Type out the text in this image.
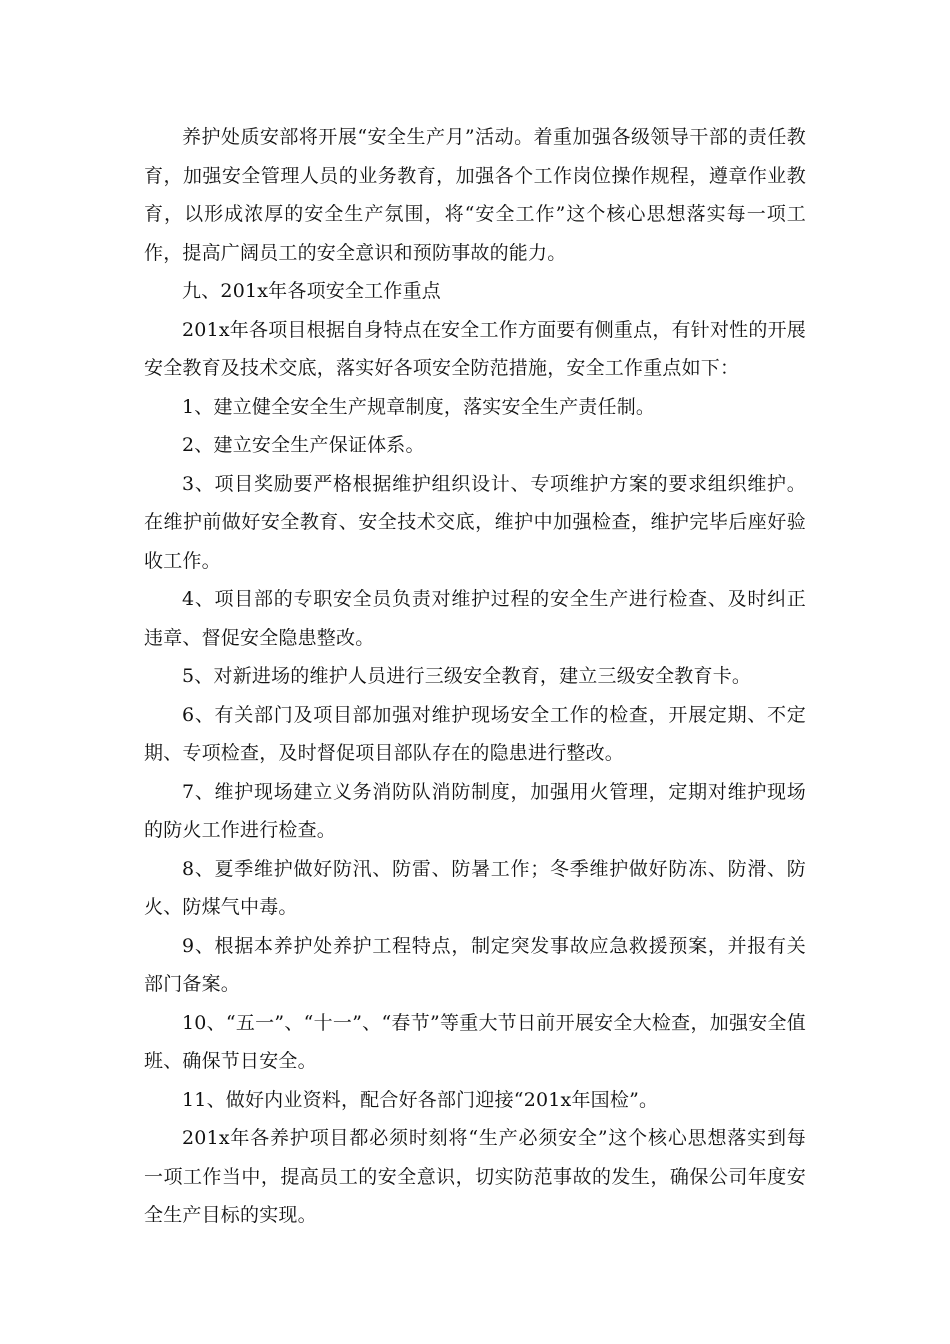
养护处质安部将开展“安全生产月”活动。着重加强各级领导干部的责任教育，加强安全管理人员的业务教育，加强各个工作岗位操作规程，遵章作业教育，以形成浓厚的安全生产氛围，将“安全工作”这个核心思想落实每一项工作，提高广阔员工的安全意识和预防事故的能力。

九、201x年各项安全工作重点

201x年各项目根据自身特点在安全工作方面要有侧重点，有针对性的开展安全教育及技术交底，落实好各项安全防范措施，安全工作重点如下：

1、建立健全安全生产规章制度，落实安全生产责任制。

2、建立安全生产保证体系。

3、项目奖励要严格根据维护组织设计、专项维护方案的要求组织维护。在维护前做好安全教育、安全技术交底，维护中加强检查，维护完毕后座好验收工作。

4、项目部的专职安全员负责对维护过程的安全生产进行检查、及时纠正违章、督促安全隐患整改。

5、对新进场的维护人员进行三级安全教育，建立三级安全教育卡。

6、有关部门及项目部加强对维护现场安全工作的检查，开展定期、不定期、专项检查，及时督促项目部队存在的隐患进行整改。

7、维护现场建立义务消防队消防制度，加强用火管理，定期对维护现场的防火工作进行检查。

8、夏季维护做好防汛、防雷、防暑工作；冬季维护做好防冻、防滑、防火、防煤气中毒。

9、根据本养护处养护工程特点，制定突发事故应急救援预案，并报有关部门备案。

10、“五一”、“十一”、“春节”等重大节日前开展安全大检查，加强安全值班、确保节日安全。

11、做好内业资料，配合好各部门迎接“201x年国检”。

201x年各养护项目都必须时刻将“生产必须安全”这个核心思想落实到每一项工作当中，提高员工的安全意识，切实防范事故的发生，确保公司年度安全生产目标的实现。
